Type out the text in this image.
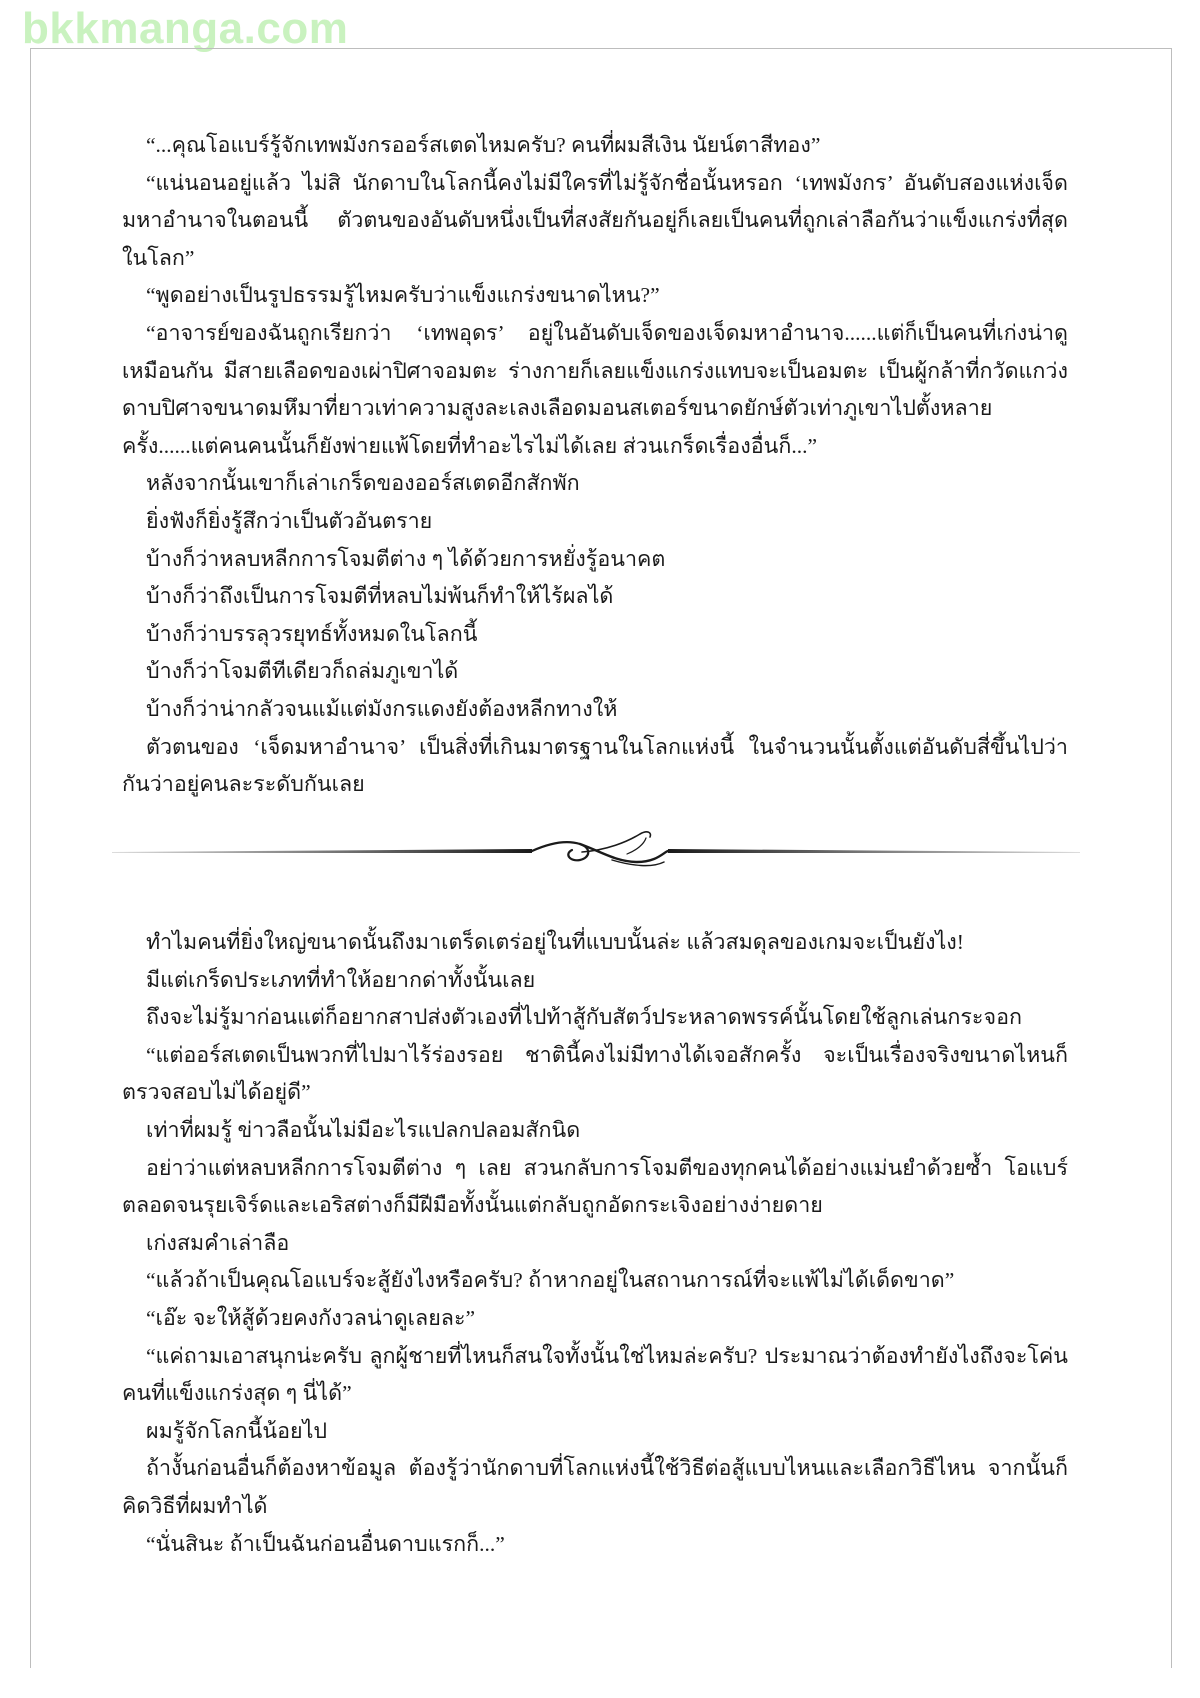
bkkmanga.com

“...คุณโอแบร์รู้จักเทพมังกรออร์สเตดไหมครับ? คนที่ผมสีเงิน นัยน์ตาสีทอง”

“แน่นอนอยู่แล้ว ไม่สิ นักดาบในโลกนี้คงไม่มีใครที่ไม่รู้จักชื่อนั้นหรอก ‘เทพมังกร’ อันดับสองแห่งเจ็ดมหาอำนาจในตอนนี้ ตัวตนของอันดับหนึ่งเป็นที่สงสัยกันอยู่ก็เลยเป็นคนที่ถูกเล่าลือกันว่าแข็งแกร่งที่สุดในโลก”

“พูดอย่างเป็นรูปธรรมรู้ไหมครับว่าแข็งแกร่งขนาดไหน?”

“อาจารย์ของฉันถูกเรียกว่า ‘เทพอุดร’ อยู่ในอันดับเจ็ดของเจ็ดมหาอำนาจ......แต่ก็เป็นคนที่เก่งน่าดูเหมือนกัน มีสายเลือดของเผ่าปิศาจอมตะ ร่างกายก็เลยแข็งแกร่งแทบจะเป็นอมตะ เป็นผู้กล้าที่กวัดแกว่งดาบปิศาจขนาดมหึมาที่ยาวเท่าความสูงละเลงเลือดมอนสเตอร์ขนาดยักษ์ตัวเท่าภูเขาไปตั้งหลายครั้ง......แต่คนคนนั้นก็ยังพ่ายแพ้โดยที่ทำอะไรไม่ได้เลย ส่วนเกร็ดเรื่องอื่นก็...”

หลังจากนั้นเขาก็เล่าเกร็ดของออร์สเตดอีกสักพัก

ยิ่งฟังก็ยิ่งรู้สึกว่าเป็นตัวอันตราย

บ้างก็ว่าหลบหลีกการโจมตีต่าง ๆ ได้ด้วยการหยั่งรู้อนาคต

บ้างก็ว่าถึงเป็นการโจมตีที่หลบไม่พ้นก็ทำให้ไร้ผลได้

บ้างก็ว่าบรรลุวรยุทธ์ทั้งหมดในโลกนี้

บ้างก็ว่าโจมตีทีเดียวก็ถล่มภูเขาได้

บ้างก็ว่าน่ากลัวจนแม้แต่มังกรแดงยังต้องหลีกทางให้

ตัวตนของ ‘เจ็ดมหาอำนาจ’ เป็นสิ่งที่เกินมาตรฐานในโลกแห่งนี้ ในจำนวนนั้นตั้งแต่อันดับสี่ขึ้นไปว่ากันว่าอยู่คนละระดับกันเลย

ทำไมคนที่ยิ่งใหญ่ขนาดนั้นถึงมาเตร็ดเตร่อยู่ในที่แบบนั้นล่ะ แล้วสมดุลของเกมจะเป็นยังไง!

มีแต่เกร็ดประเภทที่ทำให้อยากด่าทั้งนั้นเลย

ถึงจะไม่รู้มาก่อนแต่ก็อยากสาปส่งตัวเองที่ไปท้าสู้กับสัตว์ประหลาดพรรค์นั้นโดยใช้ลูกเล่นกระจอก

“แต่ออร์สเตดเป็นพวกที่ไปมาไร้ร่องรอย ชาตินี้คงไม่มีทางได้เจอสักครั้ง จะเป็นเรื่องจริงขนาดไหนก็ตรวจสอบไม่ได้อยู่ดี”

เท่าที่ผมรู้ ข่าวลือนั้นไม่มีอะไรแปลกปลอมสักนิด

อย่าว่าแต่หลบหลีกการโจมตีต่าง ๆ เลย สวนกลับการโจมตีของทุกคนได้อย่างแม่นยำด้วยซ้ำ โอแบร์ตลอดจนรุยเจิร์ดและเอริสต่างก็มีฝีมือทั้งนั้นแต่กลับถูกอัดกระเจิงอย่างง่ายดาย

เก่งสมคำเล่าลือ

“แล้วถ้าเป็นคุณโอแบร์จะสู้ยังไงหรือครับ? ถ้าหากอยู่ในสถานการณ์ที่จะแพ้ไม่ได้เด็ดขาด”

“เอ๊ะ จะให้สู้ด้วยคงกังวลน่าดูเลยละ”

“แค่ถามเอาสนุกน่ะครับ ลูกผู้ชายที่ไหนก็สนใจทั้งนั้นใช่ไหมล่ะครับ? ประมาณว่าต้องทำยังไงถึงจะโค่นคนที่แข็งแกร่งสุด ๆ นี่ได้”

ผมรู้จักโลกนี้น้อยไป

ถ้างั้นก่อนอื่นก็ต้องหาข้อมูล ต้องรู้ว่านักดาบที่โลกแห่งนี้ใช้วิธีต่อสู้แบบไหนและเลือกวิธีไหน จากนั้นก็คิดวิธีที่ผมทำได้

“นั่นสินะ ถ้าเป็นฉันก่อนอื่นดาบแรกก็...”
